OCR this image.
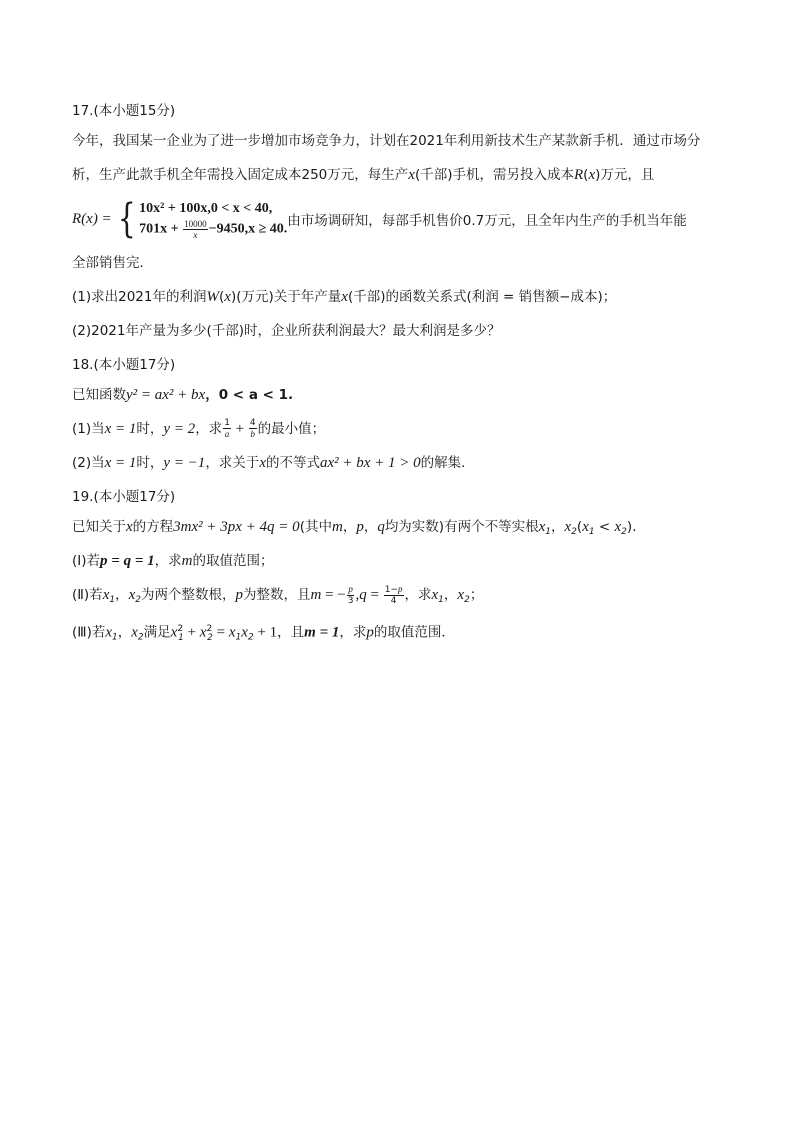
17.(本小题15分)
今年，我国某一企业为了进一步增加市场竞争力，计划在2021年利用新技术生产某款新手机．通过市场分
析，生产此款手机全年需投入固定成本250万元，每生产x(千部)手机，需另投入成本R(x)万元，且
R(x) = { 10x² + 100x,0 < x < 40,
$701x + \frac{10000}{x} -9450,x \ge 40$. 由市场调研知，每部手机售价0.7万元，且全年内生产的手机当年能
全部销售完．
(1)求出2021年的利润W(x)(万元)关于年产量x(千部)的函数关系式(利润 = 销售额−成本)；
(2)2021年产量为多少(千部)时，企业所获利润最大？最大利润是多少？
18.(本小题17分)
已知函数y² = ax² + bx，0 < a < 1.
(1)当x = 1时，y = 2，求 $\frac{1}{a} + \frac{4}{b}$ 的最小值；
(2)当x = 1时，y = −1，求关于x的不等式ax² + bx + 1 > 0的解集．
19.(本小题17分)
已知关于x的方程3mx² + 3px + 4q = 0(其中m，p，q均为实数)有两个不等实根$x_1$，$x_2(x_1 < x_2)$．
(Ⅰ)若p = q = 1，求m的取值范围；
(Ⅱ)若$x_1$，$x_2$为两个整数根，p为整数，且m = − $\frac{p}{3} ,q = \frac{1-p}{4}$ ，求$x_1$，$x_2$；
(Ⅲ)若$x_1$，$x_2$满足$x^2_1 + x^2_2 = x_1x_2 + 1$，且m = 1，求p的取值范围．
